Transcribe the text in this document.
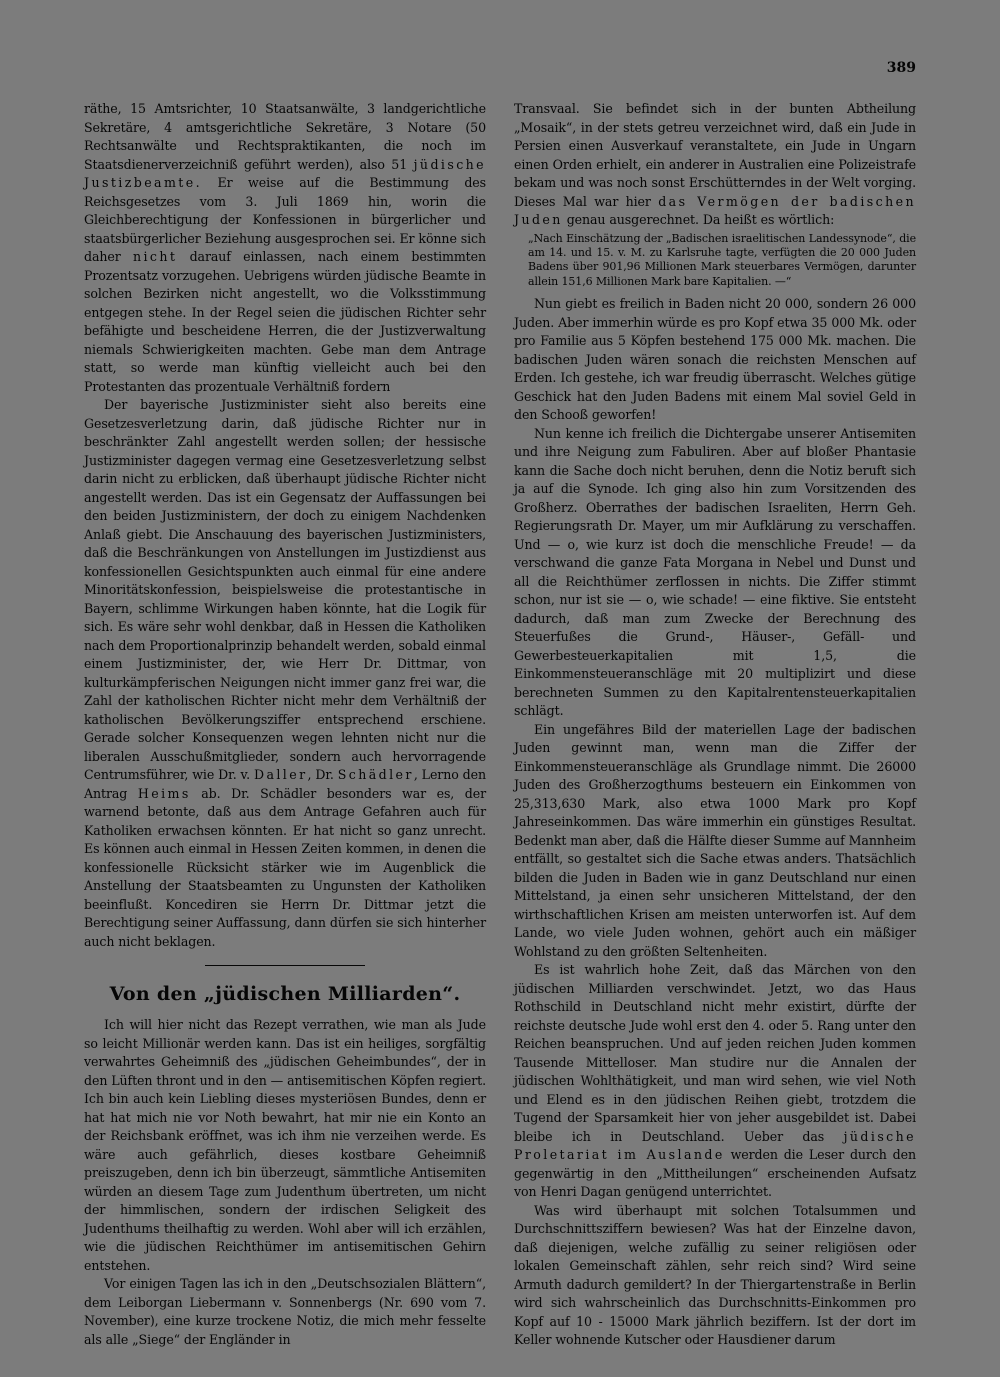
389

räthe, 15 Amtsrichter, 10 Staatsanwälte, 3 landgerichtliche Sekretäre, 4 amtsgerichtliche Sekretäre, 3 Notare (50 Rechtsanwälte und Rechtspraktikanten, die noch im Staatsdienerverzeichniß geführt werden), also 51 jüdische Justizbeamte. Er weise auf die Bestimmung des Reichsgesetzes vom 3. Juli 1869 hin, worin die Gleichberechtigung der Konfessionen in bürgerlicher und staatsbürgerlicher Beziehung ausgesprochen sei. Er könne sich daher nicht darauf einlassen, nach einem bestimmten Prozentsatz vorzugehen. Uebrigens würden jüdische Beamte in solchen Bezirken nicht angestellt, wo die Volksstimmung entgegen stehe. In der Regel seien die jüdischen Richter sehr befähigte und bescheidene Herren, die der Justizverwaltung niemals Schwierigkeiten machten. Gebe man dem Antrage statt, so werde man künftig vielleicht auch bei den Protestanten das prozentuale Verhältniß fordern

Der bayerische Justizminister sieht also bereits eine Gesetzesverletzung darin, daß jüdische Richter nur in beschränkter Zahl angestellt werden sollen; der hessische Justizminister dagegen vermag eine Gesetzesverletzung selbst darin nicht zu erblicken, daß überhaupt jüdische Richter nicht angestellt werden. Das ist ein Gegensatz der Auffassungen bei den beiden Justizministern, der doch zu einigem Nachdenken Anlaß giebt. Die Anschauung des bayerischen Justizministers, daß die Beschränkungen von Anstellungen im Justizdienst aus konfessionellen Gesichtspunkten auch einmal für eine andere Minoritätskonfession, beispielsweise die protestantische in Bayern, schlimme Wirkungen haben könnte, hat die Logik für sich. Es wäre sehr wohl denkbar, daß in Hessen die Katholiken nach dem Proportionalprinzip behandelt werden, sobald einmal einem Justizminister, der, wie Herr Dr. Dittmar, von kulturkämpferischen Neigungen nicht immer ganz frei war, die Zahl der katholischen Richter nicht mehr dem Verhältniß der katholischen Bevölkerungsziffer entsprechend erschiene. Gerade solcher Konsequenzen wegen lehnten nicht nur die liberalen Ausschußmitglieder, sondern auch hervorragende Centrumsführer, wie Dr. v. Daller, Dr. Schädler, Lerno den Antrag Heims ab. Dr. Schädler besonders war es, der warnend betonte, daß aus dem Antrage Gefahren auch für Katholiken erwachsen könnten. Er hat nicht so ganz unrecht. Es können auch einmal in Hessen Zeiten kommen, in denen die konfessionelle Rücksicht stärker wie im Augenblick die Anstellung der Staatsbeamten zu Ungunsten der Katholiken beeinflußt. Koncediren sie Herrn Dr. Dittmar jetzt die Berechtigung seiner Auffassung, dann dürfen sie sich hinterher auch nicht beklagen.

Von den „jüdischen Milliarden“.

Ich will hier nicht das Rezept verrathen, wie man als Jude so leicht Millionär werden kann. Das ist ein heiliges, sorgfältig verwahrtes Geheimniß des „jüdischen Geheimbundes“, der in den Lüften thront und in den — antisemitischen Köpfen regiert. Ich bin auch kein Liebling dieses mysteriösen Bundes, denn er hat hat mich nie vor Noth bewahrt, hat mir nie ein Konto an der Reichsbank eröffnet, was ich ihm nie verzeihen werde. Es wäre auch gefährlich, dieses kostbare Geheimniß preiszugeben, denn ich bin überzeugt, sämmtliche Antisemiten würden an diesem Tage zum Judenthum übertreten, um nicht der himmlischen, sondern der irdischen Seligkeit des Judenthums theilhaftig zu werden. Wohl aber will ich erzählen, wie die jüdischen Reichthümer im antisemitischen Gehirn entstehen.

Vor einigen Tagen las ich in den „Deutschsozialen Blättern“, dem Leiborgan Liebermann v. Sonnenbergs (Nr. 690 vom 7. November), eine kurze trockene Notiz, die mich mehr fesselte als alle „Siege“ der Engländer in

Transvaal. Sie befindet sich in der bunten Abtheilung „Mosaik“, in der stets getreu verzeichnet wird, daß ein Jude in Persien einen Ausverkauf veranstaltete, ein Jude in Ungarn einen Orden erhielt, ein anderer in Australien eine Polizeistrafe bekam und was noch sonst Erschütterndes in der Welt vorging. Dieses Mal war hier das Vermögen der badischen Juden genau ausgerechnet. Da heißt es wörtlich:

„Nach Einschätzung der „Badischen israelitischen Landessynode“, die am 14. und 15. v. M. zu Karlsruhe tagte, verfügten die 20 000 Juden Badens über 901,96 Millionen Mark steuerbares Vermögen, darunter allein 151,6 Millionen Mark bare Kapitalien. —“

Nun giebt es freilich in Baden nicht 20 000, sondern 26 000 Juden. Aber immerhin würde es pro Kopf etwa 35 000 Mk. oder pro Familie aus 5 Köpfen bestehend 175 000 Mk. machen. Die badischen Juden wären sonach die reichsten Menschen auf Erden. Ich gestehe, ich war freudig überrascht. Welches gütige Geschick hat den Juden Badens mit einem Mal soviel Geld in den Schooß geworfen!

Nun kenne ich freilich die Dichtergabe unserer Antisemiten und ihre Neigung zum Fabuliren. Aber auf bloßer Phantasie kann die Sache doch nicht beruhen, denn die Notiz beruft sich ja auf die Synode. Ich ging also hin zum Vorsitzenden des Großherz. Oberrathes der badischen Israeliten, Herrn Geh. Regierungsrath Dr. Mayer, um mir Aufklärung zu verschaffen. Und — o, wie kurz ist doch die menschliche Freude! — da verschwand die ganze Fata Morgana in Nebel und Dunst und all die Reichthümer zerflossen in nichts. Die Ziffer stimmt schon, nur ist sie — o, wie schade! — eine fiktive. Sie entsteht dadurch, daß man zum Zwecke der Berechnung des Steuerfußes die Grund-, Häuser-, Gefäll- und Gewerbesteuerkapitalien mit 1,5, die Einkommensteueranschläge mit 20 multiplizirt und diese berechneten Summen zu den Kapitalrentensteuerkapitalien schlägt.

Ein ungefähres Bild der materiellen Lage der badischen Juden gewinnt man, wenn man die Ziffer der Einkommensteueranschläge als Grundlage nimmt. Die 26000 Juden des Großherzogthums besteuern ein Einkommen von 25,313,630 Mark, also etwa 1000 Mark pro Kopf Jahreseinkommen. Das wäre immerhin ein günstiges Resultat. Bedenkt man aber, daß die Hälfte dieser Summe auf Mannheim entfällt, so gestaltet sich die Sache etwas anders. Thatsächlich bilden die Juden in Baden wie in ganz Deutschland nur einen Mittelstand, ja einen sehr unsicheren Mittelstand, der den wirthschaftlichen Krisen am meisten unterworfen ist. Auf dem Lande, wo viele Juden wohnen, gehört auch ein mäßiger Wohlstand zu den größten Seltenheiten.

Es ist wahrlich hohe Zeit, daß das Märchen von den jüdischen Milliarden verschwindet. Jetzt, wo das Haus Rothschild in Deutschland nicht mehr existirt, dürfte der reichste deutsche Jude wohl erst den 4. oder 5. Rang unter den Reichen beanspruchen. Und auf jeden reichen Juden kommen Tausende Mittelloser. Man studire nur die Annalen der jüdischen Wohlthätigkeit, und man wird sehen, wie viel Noth und Elend es in den jüdischen Reihen giebt, trotzdem die Tugend der Sparsamkeit hier von jeher ausgebildet ist. Dabei bleibe ich in Deutschland. Ueber das jüdische Proletariat im Auslande werden die Leser durch den gegenwärtig in den „Mittheilungen“ erscheinenden Aufsatz von Henri Dagan genügend unterrichtet.

Was wird überhaupt mit solchen Totalsummen und Durchschnittsziffern bewiesen? Was hat der Einzelne davon, daß diejenigen, welche zufällig zu seiner religiösen oder lokalen Gemeinschaft zählen, sehr reich sind? Wird seine Armuth dadurch gemildert? In der Thiergartenstraße in Berlin wird sich wahrscheinlich das Durchschnitts-Einkommen pro Kopf auf 10 - 15000 Mark jährlich beziffern. Ist der dort im Keller wohnende Kutscher oder Hausdiener darum
